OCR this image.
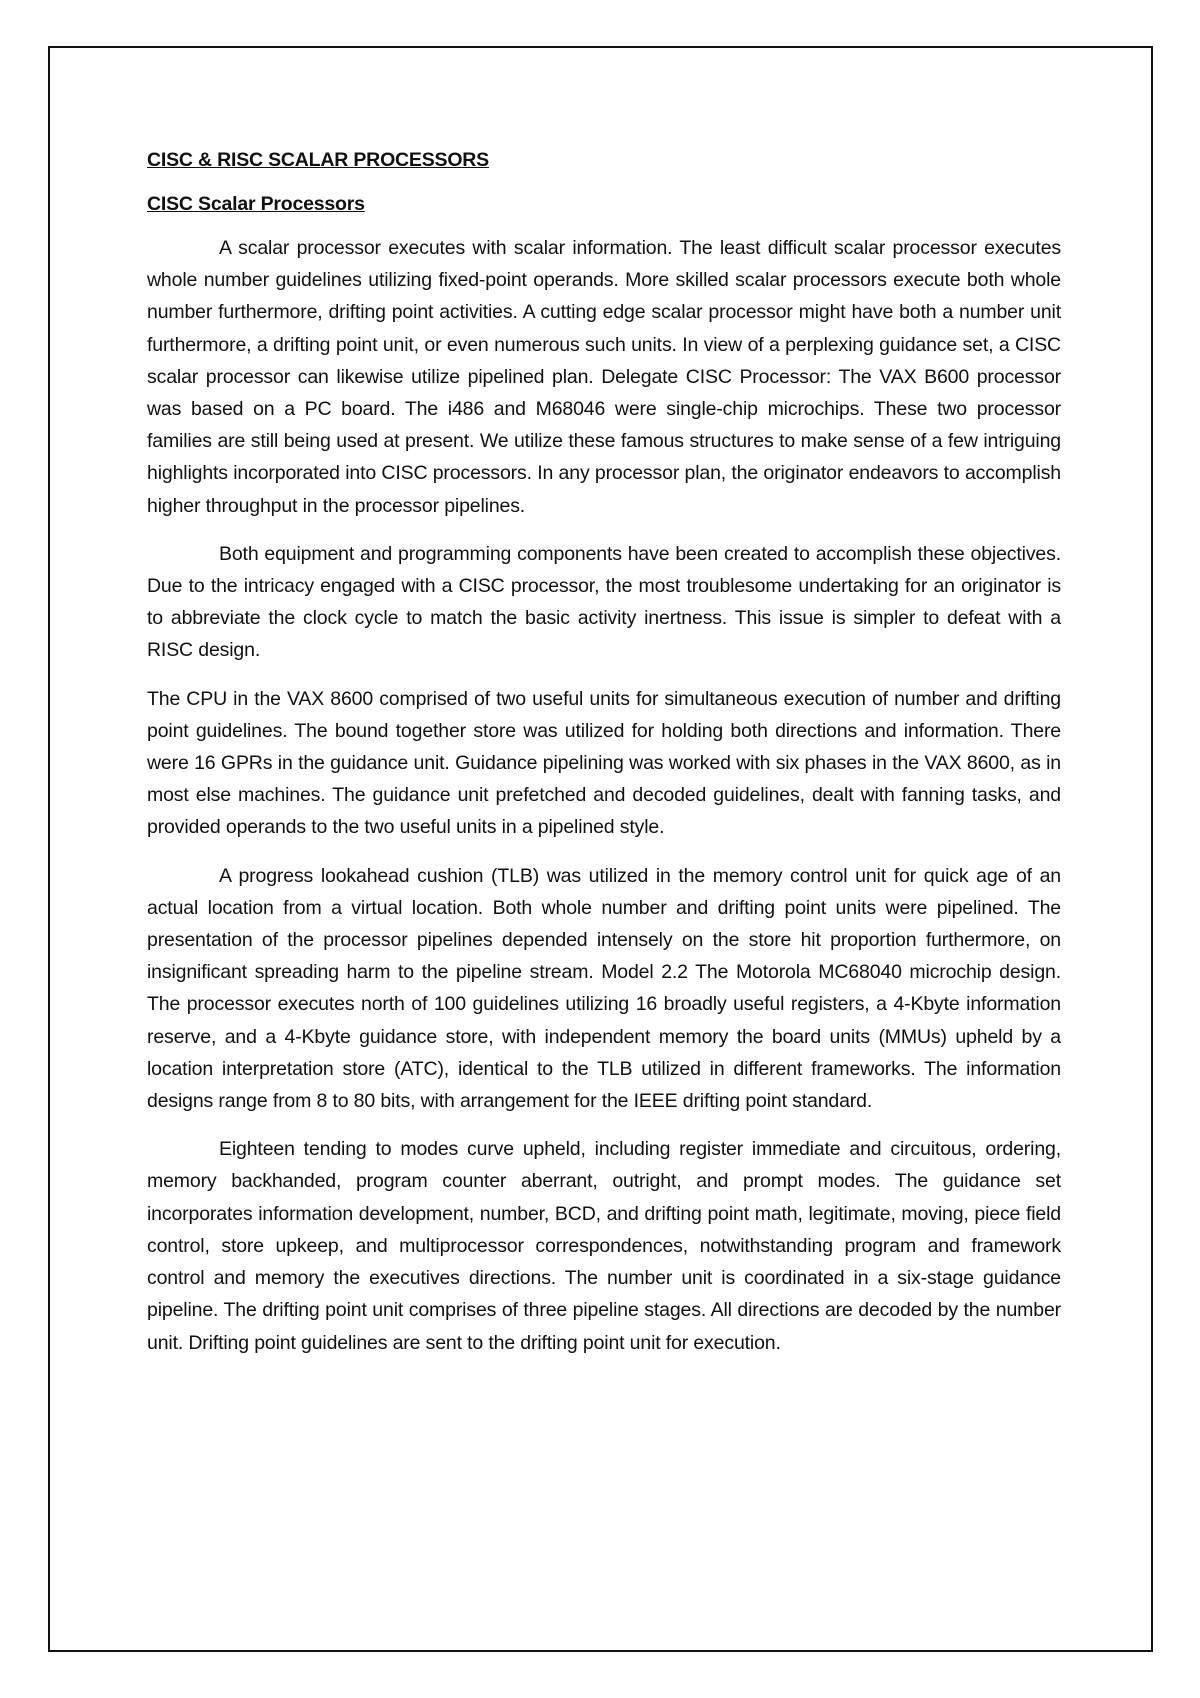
CISC & RISC SCALAR PROCESSORS
CISC Scalar Processors

A scalar processor executes with scalar information. The least difficult scalar processor executes whole number guidelines utilizing fixed-point operands. More skilled scalar processors execute both whole number furthermore, drifting point activities. A cutting edge scalar processor might have both a number unit furthermore, a drifting point unit, or even numerous such units. In view of a perplexing guidance set, a CISC scalar processor can likewise utilize pipelined plan. Delegate CISC Processor: The VAX B600 processor was based on a PC board. The i486 and M68046 were single-chip microchips. These two processor families are still being used at present. We utilize these famous structures to make sense of a few intriguing highlights incorporated into CISC processors. In any processor plan, the originator endeavors to accomplish higher throughput in the processor pipelines.

Both equipment and programming components have been created to accomplish these objectives. Due to the intricacy engaged with a CISC processor, the most troublesome undertaking for an originator is to abbreviate the clock cycle to match the basic activity inertness. This issue is simpler to defeat with a RISC design.

The CPU in the VAX 8600 comprised of two useful units for simultaneous execution of number and drifting point guidelines. The bound together store was utilized for holding both directions and information. There were 16 GPRs in the guidance unit. Guidance pipelining was worked with six phases in the VAX 8600, as in most else machines. The guidance unit prefetched and decoded guidelines, dealt with fanning tasks, and provided operands to the two useful units in a pipelined style.

A progress lookahead cushion (TLB) was utilized in the memory control unit for quick age of an actual location from a virtual location. Both whole number and drifting point units were pipelined. The presentation of the processor pipelines depended intensely on the store hit proportion furthermore, on insignificant spreading harm to the pipeline stream. Model 2.2 The Motorola MC68040 microchip design. The processor executes north of 100 guidelines utilizing 16 broadly useful registers, a 4-Kbyte information reserve, and a 4-Kbyte guidance store, with independent memory the board units (MMUs) upheld by a location interpretation store (ATC), identical to the TLB utilized in different frameworks. The information designs range from 8 to 80 bits, with arrangement for the IEEE drifting point standard.

Eighteen tending to modes curve upheld, including register immediate and circuitous, ordering, memory backhanded, program counter aberrant, outright, and prompt modes. The guidance set incorporates information development, number, BCD, and drifting point math, legitimate, moving, piece field control, store upkeep, and multiprocessor correspondences, notwithstanding program and framework control and memory the executives directions. The number unit is coordinated in a six-stage guidance pipeline. The drifting point unit comprises of three pipeline stages. All directions are decoded by the number unit. Drifting point guidelines are sent to the drifting point unit for execution.
